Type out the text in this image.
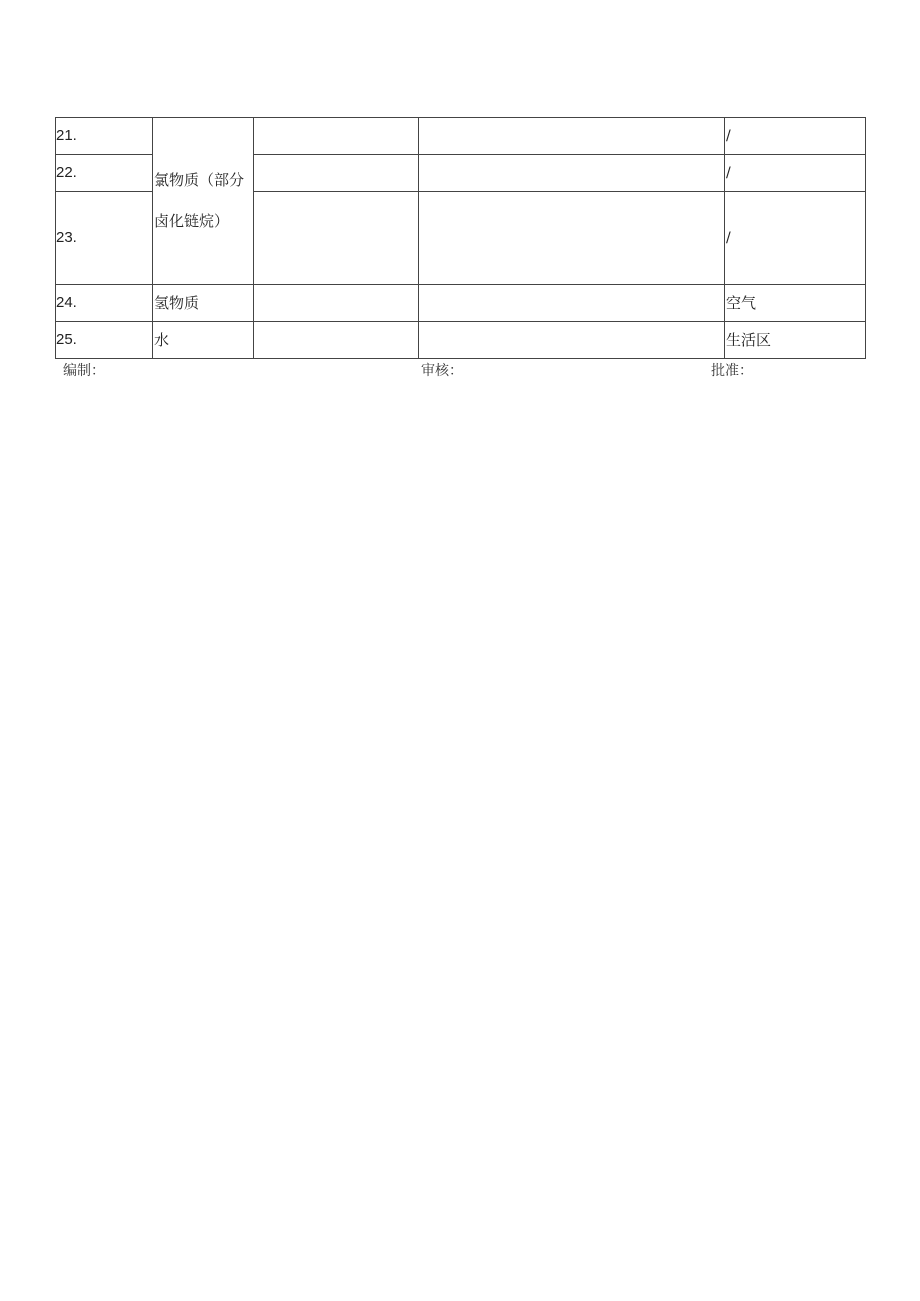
21.	氯物质（部分卤化链烷）			/
22.				/
23.				/
24.	氢物质			空气
25.	水			生活区
编制：	审核：	批准：
